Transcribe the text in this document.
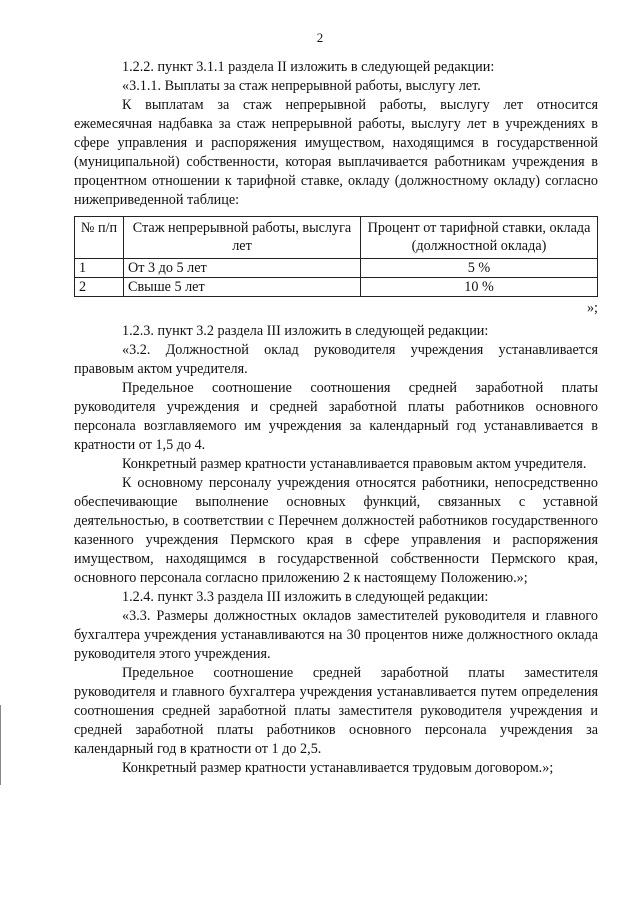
2

1.2.2. пункт 3.1.1 раздела II изложить в следующей редакции:

«3.1.1. Выплаты за стаж непрерывной работы, выслугу лет.

К выплатам за стаж непрерывной работы, выслугу лет относится ежемесячная надбавка за стаж непрерывной работы, выслугу лет в учреждениях в сфере управления и распоряжения имуществом, находящимся в государственной (муниципальной) собственности, которая выплачивается работникам учреждения в процентном отношении к тарифной ставке, окладу (должностному окладу) согласно нижеприведенной таблице:

№ п/п	Стаж непрерывной работы, выслуга лет	Процент от тарифной ставки, оклада (должностной оклада)
1	От 3 до 5 лет	5 %
2	Свыше 5 лет	10 %
»;

1.2.3. пункт 3.2 раздела III изложить в следующей редакции:

«3.2. Должностной оклад руководителя учреждения устанавливается правовым актом учредителя.

Предельное соотношение соотношения средней заработной платы руководителя учреждения и средней заработной платы работников основного персонала возглавляемого им учреждения за календарный год устанавливается в кратности от 1,5 до 4.

Конкретный размер кратности устанавливается правовым актом учредителя.

К основному персоналу учреждения относятся работники, непосредственно обеспечивающие выполнение основных функций, связанных с уставной деятельностью, в соответствии с Перечнем должностей работников государственного казенного учреждения Пермского края в сфере управления и распоряжения имуществом, находящимся в государственной собственности Пермского края, основного персонала согласно приложению 2 к настоящему Положению.»;

1.2.4. пункт 3.3 раздела III изложить в следующей редакции:

«3.3. Размеры должностных окладов заместителей руководителя и главного бухгалтера учреждения устанавливаются на 30 процентов ниже должностного оклада руководителя этого учреждения.

Предельное соотношение средней заработной платы заместителя руководителя и главного бухгалтера учреждения устанавливается путем определения соотношения средней заработной платы заместителя руководителя учреждения и средней заработной платы работников основного персонала учреждения за календарный год в кратности от 1 до 2,5.

Конкретный размер кратности устанавливается трудовым договором.»;
